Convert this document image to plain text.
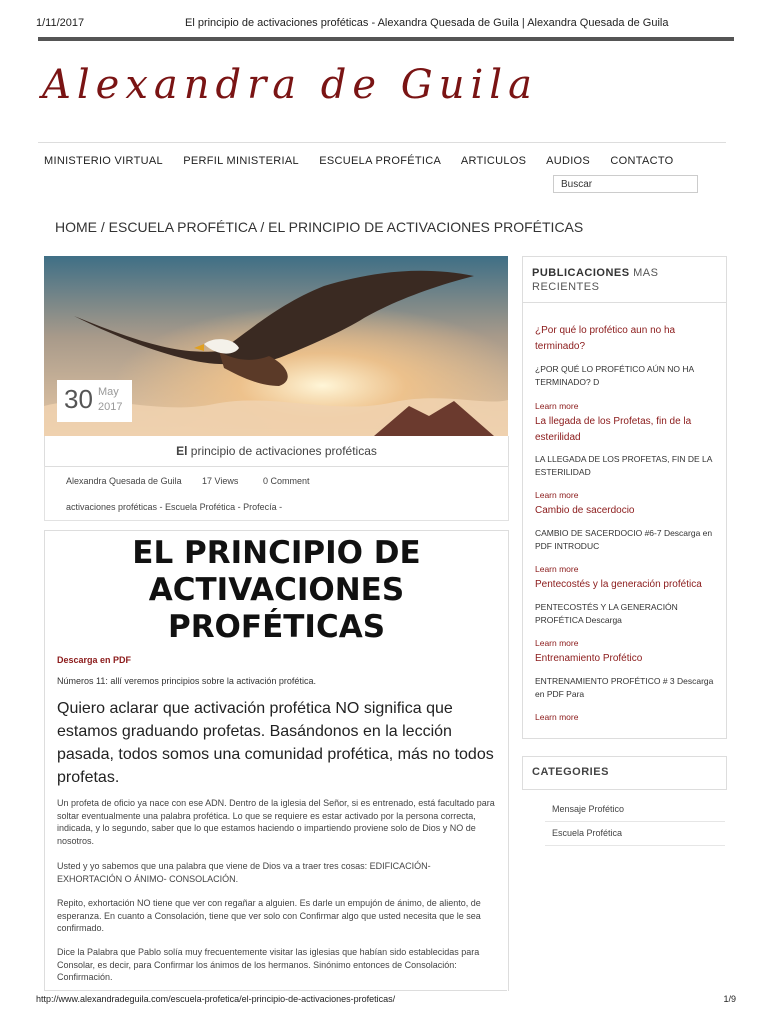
1/11/2017	El principio de activaciones proféticas - Alexandra Quesada de Guila | Alexandra Quesada de Guila
Alexandra de Guila
MINISTERIO VIRTUAL PERFIL MINISTERIAL ESCUELA PROFÉTICA ARTICULOS AUDIOS CONTACTO
Buscar
HOME / ESCUELA PROFÉTICA / EL PRINCIPIO DE ACTIVACIONES PROFÉTICAS
30 May
2017
El principio de activaciones proféticas
Alexandra Quesada de Guila 17 Views	0 Comment
activaciones proféticas - Escuela Profética - Profecía -
EL PRINCIPIO DE ACTIVACIONES PROFÉTICAS
Descarga en PDF
Números 11: allí veremos principios sobre la activación profética.
Quiero aclarar que activación profética NO significa que estamos graduando profetas. Basándonos en la lección pasada, todos somos una comunidad profética, más no todos profetas.
Un profeta de oficio ya nace con ese ADN. Dentro de la iglesia del Señor, si es entrenado, está facultado para soltar eventualmente una palabra profética. Lo que se requiere es estar activado por la persona correcta, indicada, y lo segundo, saber que lo que estamos haciendo o impartiendo proviene solo de Dios y NO de nosotros.
Usted y yo sabemos que una palabra que viene de Dios va a traer tres cosas: EDIFICACIÓN- EXHORTACIÓN O ÁNIMO- CONSOLACIÓN.
Repito, exhortación NO tiene que ver con regañar a alguien. Es darle un empujón de ánimo, de aliento, de esperanza. En cuanto a Consolación, tiene que ver solo con Confirmar algo que usted necesita que le sea confirmado.
Dice la Palabra que Pablo solía muy frecuentemente visitar las iglesias que habían sido establecidas para Consolar, es decir, para Confirmar los ánimos de los hermanos. Sinónimo entonces de Consolación: Confirmación.
PUBLICACIONES MAS RECIENTES
¿Por qué lo profético aun no ha terminado?
¿POR QUÉ LO PROFÉTICO AÚN NO HA TERMINADO? D
Learn more
La llegada de los Profetas, fin de la esterilidad
LA LLEGADA DE LOS PROFETAS, FIN DE LA ESTERILIDAD
Learn more
Cambio de sacerdocio
CAMBIO DE SACERDOCIO #6-7 Descarga en PDF INTRODUC
Learn more
Pentecostés y la generación profética
PENTECOSTÉS Y LA GENERACIÓN PROFÉTICA Descarga
Learn more
Entrenamiento Profético
ENTRENAMIENTO PROFÉTICO # 3 Descarga en PDF Para
Learn more
CATEGORIES
Mensaje Profético
Escuela Profética
http://www.alexandradeguila.com/escuela-profetica/el-principio-de-activaciones-profeticas/	1/9
